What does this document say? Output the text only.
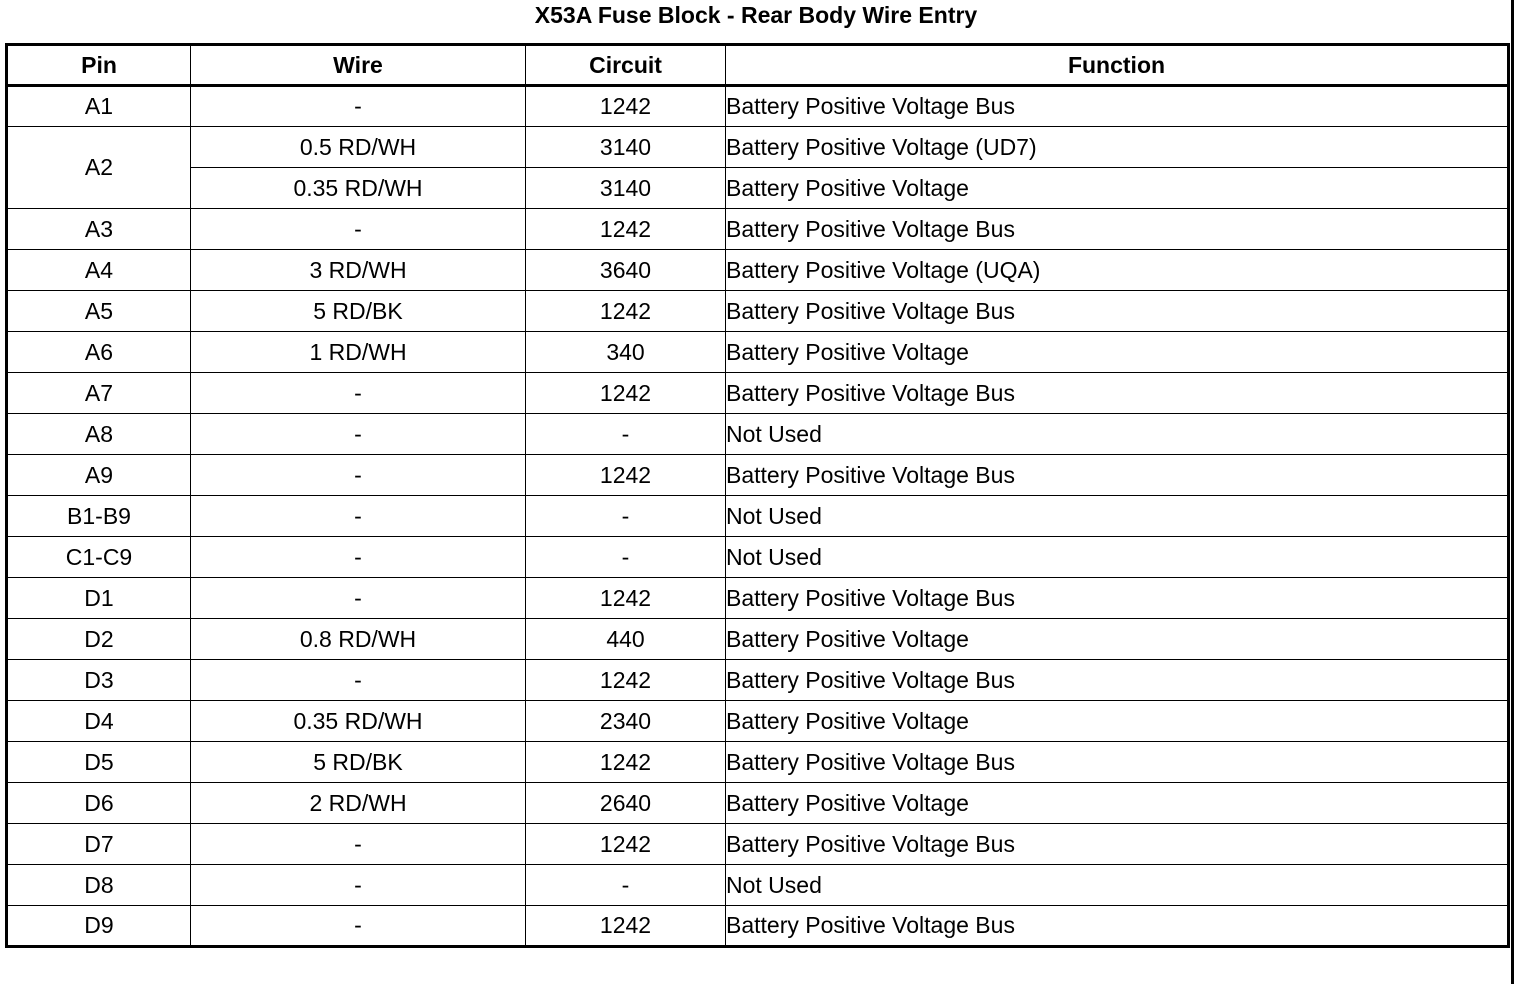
X53A Fuse Block - Rear Body Wire Entry
Pin	Wire	Circuit	Function
A1	-	1242	Battery Positive Voltage Bus
A2	0.5 RD/WH	3140	Battery Positive Voltage (UD7)
	0.35 RD/WH	3140	Battery Positive Voltage
A3	-	1242	Battery Positive Voltage Bus
A4	3 RD/WH	3640	Battery Positive Voltage (UQA)
A5	5 RD/BK	1242	Battery Positive Voltage Bus
A6	1 RD/WH	340	Battery Positive Voltage
A7	-	1242	Battery Positive Voltage Bus
A8	-	-	Not Used
A9	-	1242	Battery Positive Voltage Bus
B1-B9	-	-	Not Used
C1-C9	-	-	Not Used
D1	-	1242	Battery Positive Voltage Bus
D2	0.8 RD/WH	440	Battery Positive Voltage
D3	-	1242	Battery Positive Voltage Bus
D4	0.35 RD/WH	2340	Battery Positive Voltage
D5	5 RD/BK	1242	Battery Positive Voltage Bus
D6	2 RD/WH	2640	Battery Positive Voltage
D7	-	1242	Battery Positive Voltage Bus
D8	-	-	Not Used
D9	-	1242	Battery Positive Voltage Bus
